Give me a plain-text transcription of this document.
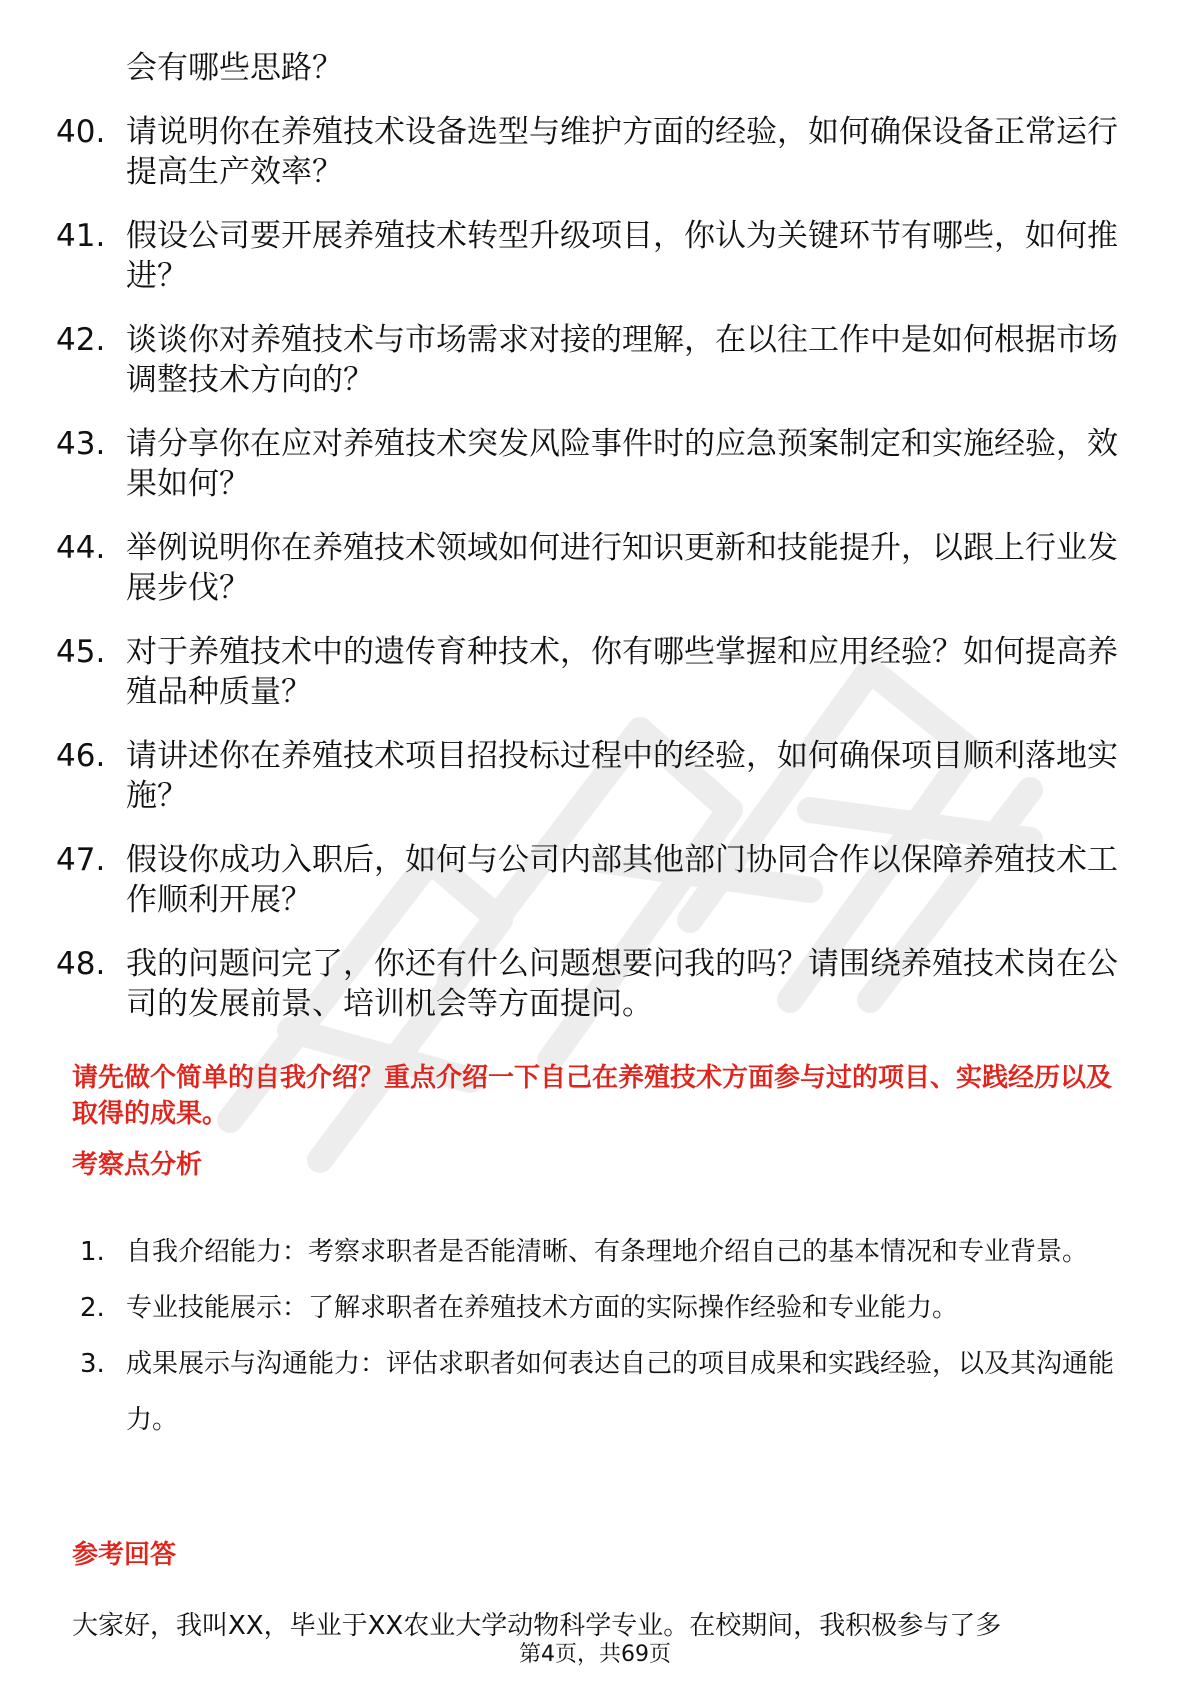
会有哪些思路？
40. 请说明你在养殖技术设备选型与维护方面的经验，如何确保设备正常运行提高生产效率？
41. 假设公司要开展养殖技术转型升级项目，你认为关键环节有哪些，如何推进？
42. 谈谈你对养殖技术与市场需求对接的理解，在以往工作中是如何根据市场调整技术方向的？
43. 请分享你在应对养殖技术突发风险事件时的应急预案制定和实施经验，效果如何？
44. 举例说明你在养殖技术领域如何进行知识更新和技能提升，以跟上行业发展步伐？
45. 对于养殖技术中的遗传育种技术，你有哪些掌握和应用经验？如何提高养殖品种质量？
46. 请讲述你在养殖技术项目招投标过程中的经验，如何确保项目顺利落地实施？
47. 假设你成功入职后，如何与公司内部其他部门协同合作以保障养殖技术工作顺利开展？
48. 我的问题问完了，你还有什么问题想要问我的吗？请围绕养殖技术岗在公司的发展前景、培训机会等方面提问。
请先做个简单的自我介绍？重点介绍一下自己在养殖技术方面参与过的项目、实践经历以及取得的成果。
考察点分析
1. 自我介绍能力：考察求职者是否能清晰、有条理地介绍自己的基本情况和专业背景。
2. 专业技能展示：了解求职者在养殖技术方面的实际操作经验和专业能力。
3. 成果展示与沟通能力：评估求职者如何表达自己的项目成果和实践经验，以及其沟通能力。
参考回答
大家好，我叫XX，毕业于XX农业大学动物科学专业。在校期间，我积极参与了多
第4页，共69页
